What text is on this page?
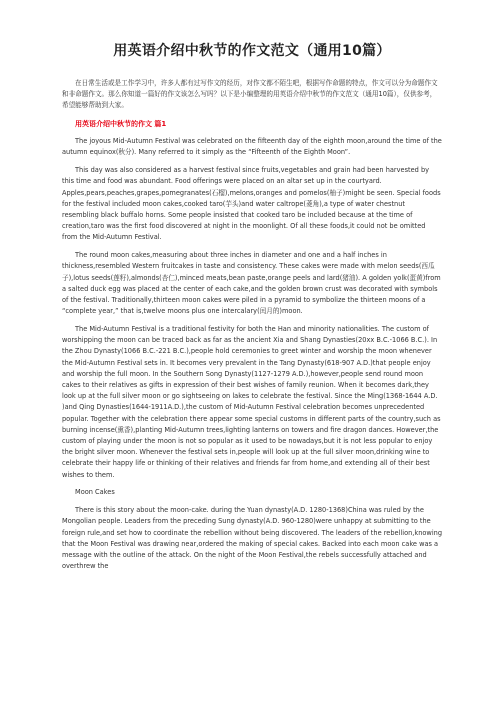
用英语介绍中秋节的作文范文（通用10篇）
在日常生活或是工作学习中，许多人都有过写作文的经历，对作文都不陌生吧，根据写作命题的特点，作文可以分为命题作文和非命题作文。那么你知道一篇好的作文该怎么写吗？以下是小编整理的用英语介绍中秋节的作文范文（通用10篇），仅供参考，希望能够帮助到大家。
用英语介绍中秋节的作文 篇1
The joyous Mid-Autumn Festival was celebrated on the fifteenth day of the eighth moon,around the time of the autumn equinox(秋分). Many referred to it simply as the “Fifteenth of the Eighth Moon”.
This day was also considered as a harvest festival since fruits,vegetables and grain had been harvested by this time and food was abundant. Food offerings were placed on an altar set up in the courtyard. Apples,pears,peaches,grapes,pomegranates(石榴),melons,oranges and pomelos(柚子)might be seen. Special foods for the festival included moon cakes,cooked taro(芋头)and water caltrope(菱角),a type of water chestnut resembling black buffalo horns. Some people insisted that cooked taro be included because at the time of creation,taro was the first food discovered at night in the moonlight. Of all these foods,it could not be omitted from the Mid-Autumn Festival.
The round moon cakes,measuring about three inches in diameter and one and a half inches in thickness,resembled Western fruitcakes in taste and consistency. These cakes were made with melon seeds(西瓜子),lotus seeds(莲籽),almonds(杏仁),minced meats,bean paste,orange peels and lard(猪油). A golden yolk(蛋黄)from a salted duck egg was placed at the center of each cake,and the golden brown crust was decorated with symbols of the festival. Traditionally,thirteen moon cakes were piled in a pyramid to symbolize the thirteen moons of a “complete year,” that is,twelve moons plus one intercalary(闰月的)moon.
The Mid-Autumn Festival is a traditional festivity for both the Han and minority nationalities. The custom of worshipping the moon can be traced back as far as the ancient Xia and Shang Dynasties(20xx B.C.-1066 B.C.). In the Zhou Dynasty(1066 B.C.-221 B.C.),people hold ceremonies to greet winter and worship the moon whenever the Mid-Autumn Festival sets in. It becomes very prevalent in the Tang Dynasty(618-907 A.D.)that people enjoy and worship the full moon. In the Southern Song Dynasty(1127-1279 A.D.),however,people send round moon cakes to their relatives as gifts in expression of their best wishes of family reunion. When it becomes dark,they look up at the full silver moon or go sightseeing on lakes to celebrate the festival. Since the Ming(1368-1644 A.D. )and Qing Dynasties(1644-1911A.D.),the custom of Mid-Autumn Festival celebration becomes unprecedented popular. Together with the celebration there appear some special customs in different parts of the country,such as burning incense(熏香),planting Mid-Autumn trees,lighting lanterns on towers and fire dragon dances. However,the custom of playing under the moon is not so popular as it used to be nowadays,but it is not less popular to enjoy the bright silver moon. Whenever the festival sets in,people will look up at the full silver moon,drinking wine to celebrate their happy life or thinking of their relatives and friends far from home,and extending all of their best wishes to them.
Moon Cakes
There is this story about the moon-cake. during the Yuan dynasty(A.D. 1280-1368)China was ruled by the Mongolian people. Leaders from the preceding Sung dynasty(A.D. 960-1280)were unhappy at submitting to the foreign rule,and set how to coordinate the rebellion without being discovered. The leaders of the rebellion,knowing that the Moon Festival was drawing near,ordered the making of special cakes. Backed into each moon cake was a message with the outline of the attack. On the night of the Moon Festival,the rebels successfully attached and overthrew the
